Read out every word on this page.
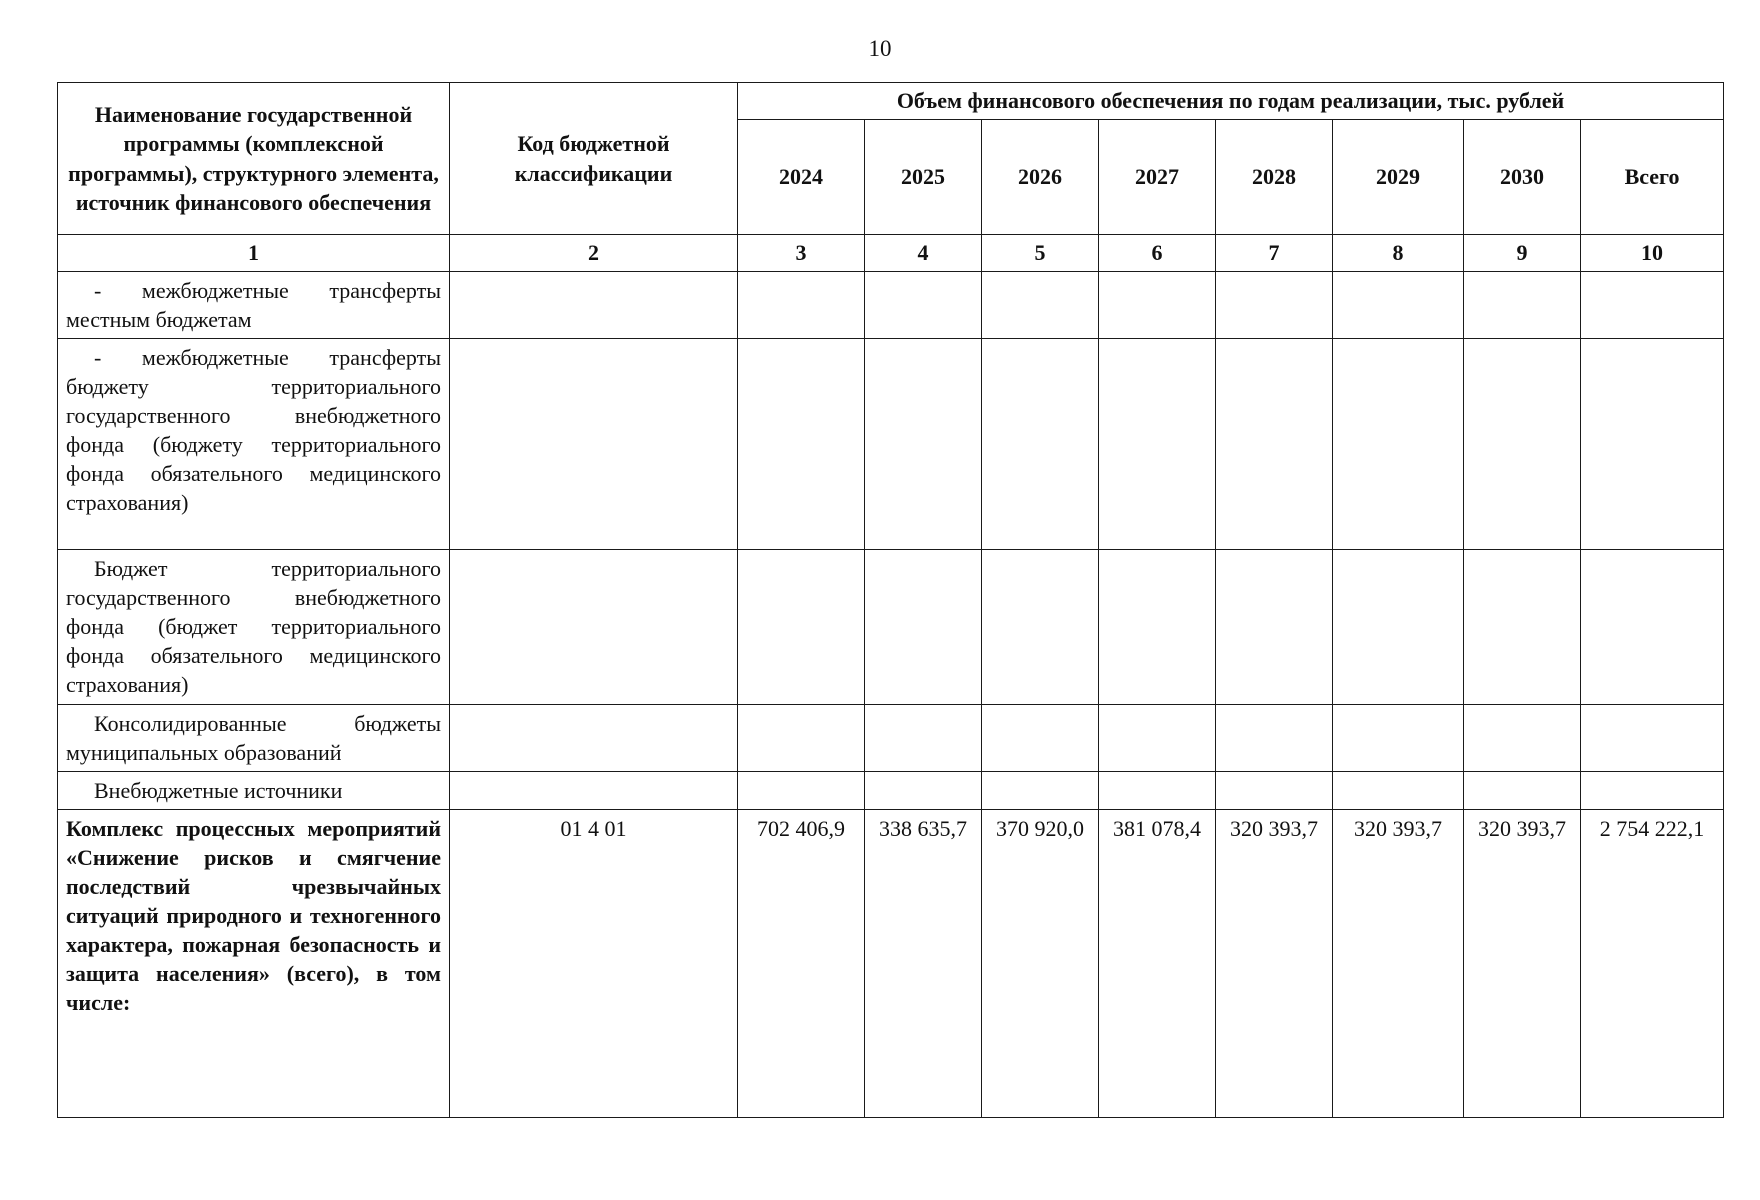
10
Наименование государственной программы (комплексной программы), структурного элемента, источник финансового обеспечения	Код бюджетной классификации	Объем финансового обеспечения по годам реализации, тыс. рублей							
		2024	2025	2026	2027	2028	2029	2030	Всего
1	2	3	4	5	6	7	8	9	10
- межбюджетные трансферты местным бюджетам									
- межбюджетные трансферты бюджету территориального государственного внебюджетного фонда (бюджету территориального фонда обязательного медицинского страхования)									
Бюджет территориального государственного внебюджетного фонда (бюджет территориального фонда обязательного медицинского страхования)									
Консолидированные бюджеты муниципальных образований									
Внебюджетные источники									
Комплекс процессных мероприятий «Снижение рисков и смягчение последствий чрезвычайных ситуаций природного и техногенного характера, пожарная безопасность и защита населения» (всего), в том числе:	01 4 01	702 406,9	338 635,7	370 920,0	381 078,4	320 393,7	320 393,7	320 393,7	2 754 222,1
